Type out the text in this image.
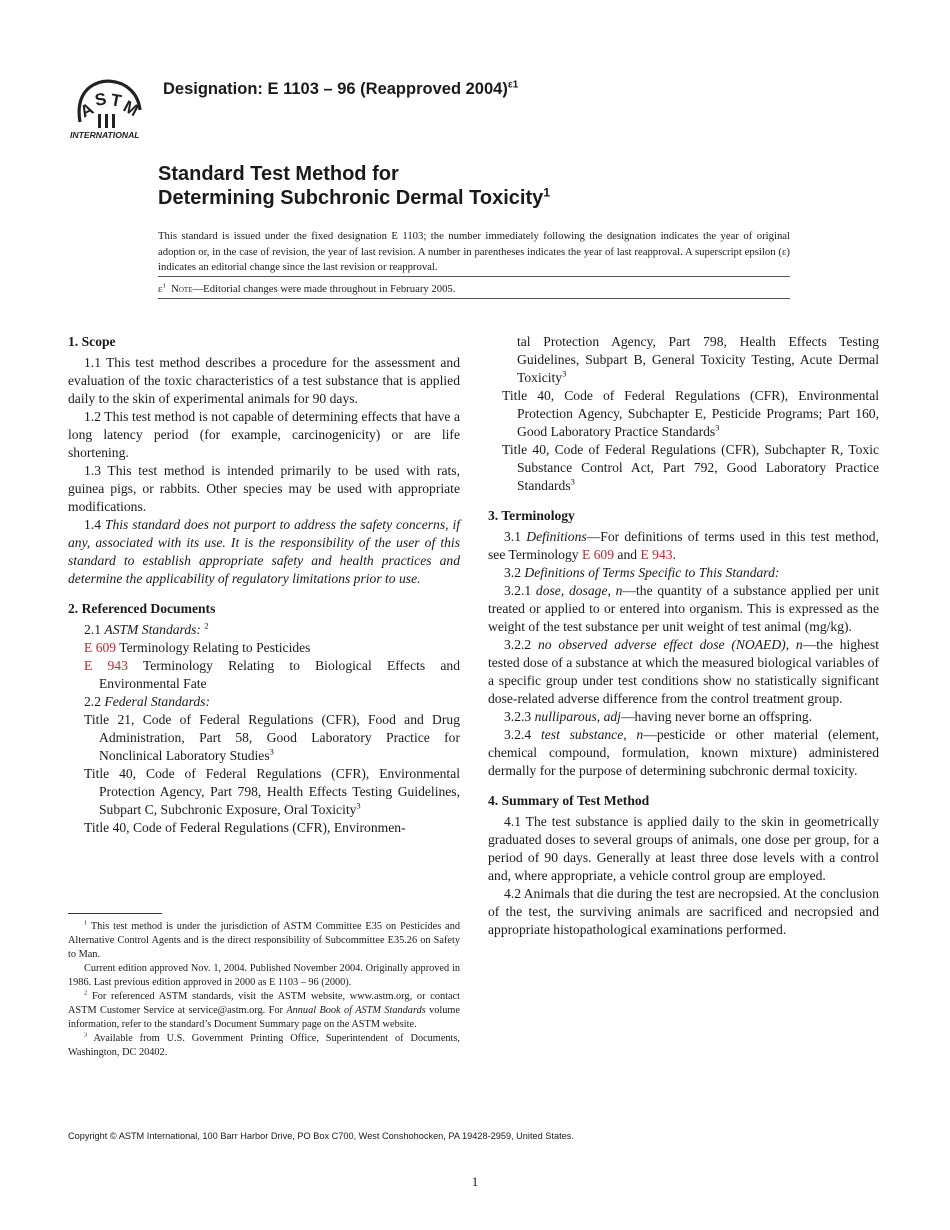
A
S T
M
INTERNATIONAL
Designation: E 1103 – 96 (Reapproved 2004)$^{\varepsilon 1}$
Standard Test Method for
Determining Subchronic Dermal Toxicity$^1$
This standard is issued under the fixed designation E 1103; the number immediately following the designation indicates the year of original adoption or, in the case of revision, the year of last revision. A number in parentheses indicates the year of last reapproval. A superscript epsilon (ε) indicates an editorial change since the last revision or reapproval.
$\varepsilon^1$ Note—Editorial changes were made throughout in February 2005.
1. Scope

1.1 This test method describes a procedure for the assessment and evaluation of the toxic characteristics of a test substance that is applied daily to the skin of experimental animals for 90 days.

1.2 This test method is not capable of determining effects that have a long latency period (for example, carcinogenicity) or are life shortening.

1.3 This test method is intended primarily to be used with rats, guinea pigs, or rabbits. Other species may be used with appropriate modifications.

1.4 This standard does not purport to address the safety concerns, if any, associated with its use. It is the responsibility of the user of this standard to establish appropriate safety and health practices and determine the applicability of regulatory limitations prior to use.

2. Referenced Documents

2.1 ASTM Standards: $^2$

E 609 Terminology Relating to Pesticides
E 943 Terminology Relating to Biological Effects and Environmental Fate

2.2 Federal Standards:

Title 21, Code of Federal Regulations (CFR), Food and Drug Administration, Part 58, Good Laboratory Practice for Nonclinical Laboratory Studies$^3$
Title 40, Code of Federal Regulations (CFR), Environmental Protection Agency, Part 798, Health Effects Testing Guidelines, Subpart C, Subchronic Exposure, Oral Toxicity$^3$
Title 40, Code of Federal Regulations (CFR), Environmen-
tal Protection Agency, Part 798, Health Effects Testing Guidelines, Subpart B, General Toxicity Testing, Acute Dermal Toxicity$^3$
Title 40, Code of Federal Regulations (CFR), Environmental Protection Agency, Subchapter E, Pesticide Programs; Part 160, Good Laboratory Practice Standards$^3$
Title 40, Code of Federal Regulations (CFR), Subchapter R, Toxic Substance Control Act, Part 792, Good Laboratory Practice Standards$^3$
3. Terminology

3.1 Definitions—For definitions of terms used in this test method, see Terminology E 609 and E 943.

3.2 Definitions of Terms Specific to This Standard:

3.2.1 dose, dosage, n—the quantity of a substance applied per unit treated or applied to or entered into organism. This is expressed as the weight of the test substance per unit weight of test animal (mg/kg).

3.2.2 no observed adverse effect dose (NOAED), n—the highest tested dose of a substance at which the measured biological variables of a specific group under test conditions show no statistically significant dose-related adverse difference from the control treatment group.

3.2.3 nulliparous, adj—having never borne an offspring.

3.2.4 test substance, n—pesticide or other material (element, chemical compound, formulation, known mixture) administered dermally for the purpose of determining subchronic dermal toxicity.

4. Summary of Test Method

4.1 The test substance is applied daily to the skin in geometrically graduated doses to several groups of animals, one dose per group, for a period of 90 days. Generally at least three dose levels with a control and, where appropriate, a vehicle control group are employed.

4.2 Animals that die during the test are necropsied. At the conclusion of the test, the surviving animals are sacrificed and necropsied and appropriate histopathological examinations performed.

$^1$ This test method is under the jurisdiction of ASTM Committee E35 on Pesticides and Alternative Control Agents and is the direct responsibility of Subcommittee E35.26 on Safety to Man.

Current edition approved Nov. 1, 2004. Published November 2004. Originally approved in 1986. Last previous edition approved in 2000 as E 1103 – 96 (2000).

$^2$ For referenced ASTM standards, visit the ASTM website, www.astm.org, or contact ASTM Customer Service at service@astm.org. For Annual Book of ASTM Standards volume information, refer to the standard’s Document Summary page on the ASTM website.

$^3$ Available from U.S. Government Printing Office, Superintendent of Documents, Washington, DC 20402.

Copyright © ASTM International, 100 Barr Harbor Drive, PO Box C700, West Conshohocken, PA 19428-2959, United States.
1
